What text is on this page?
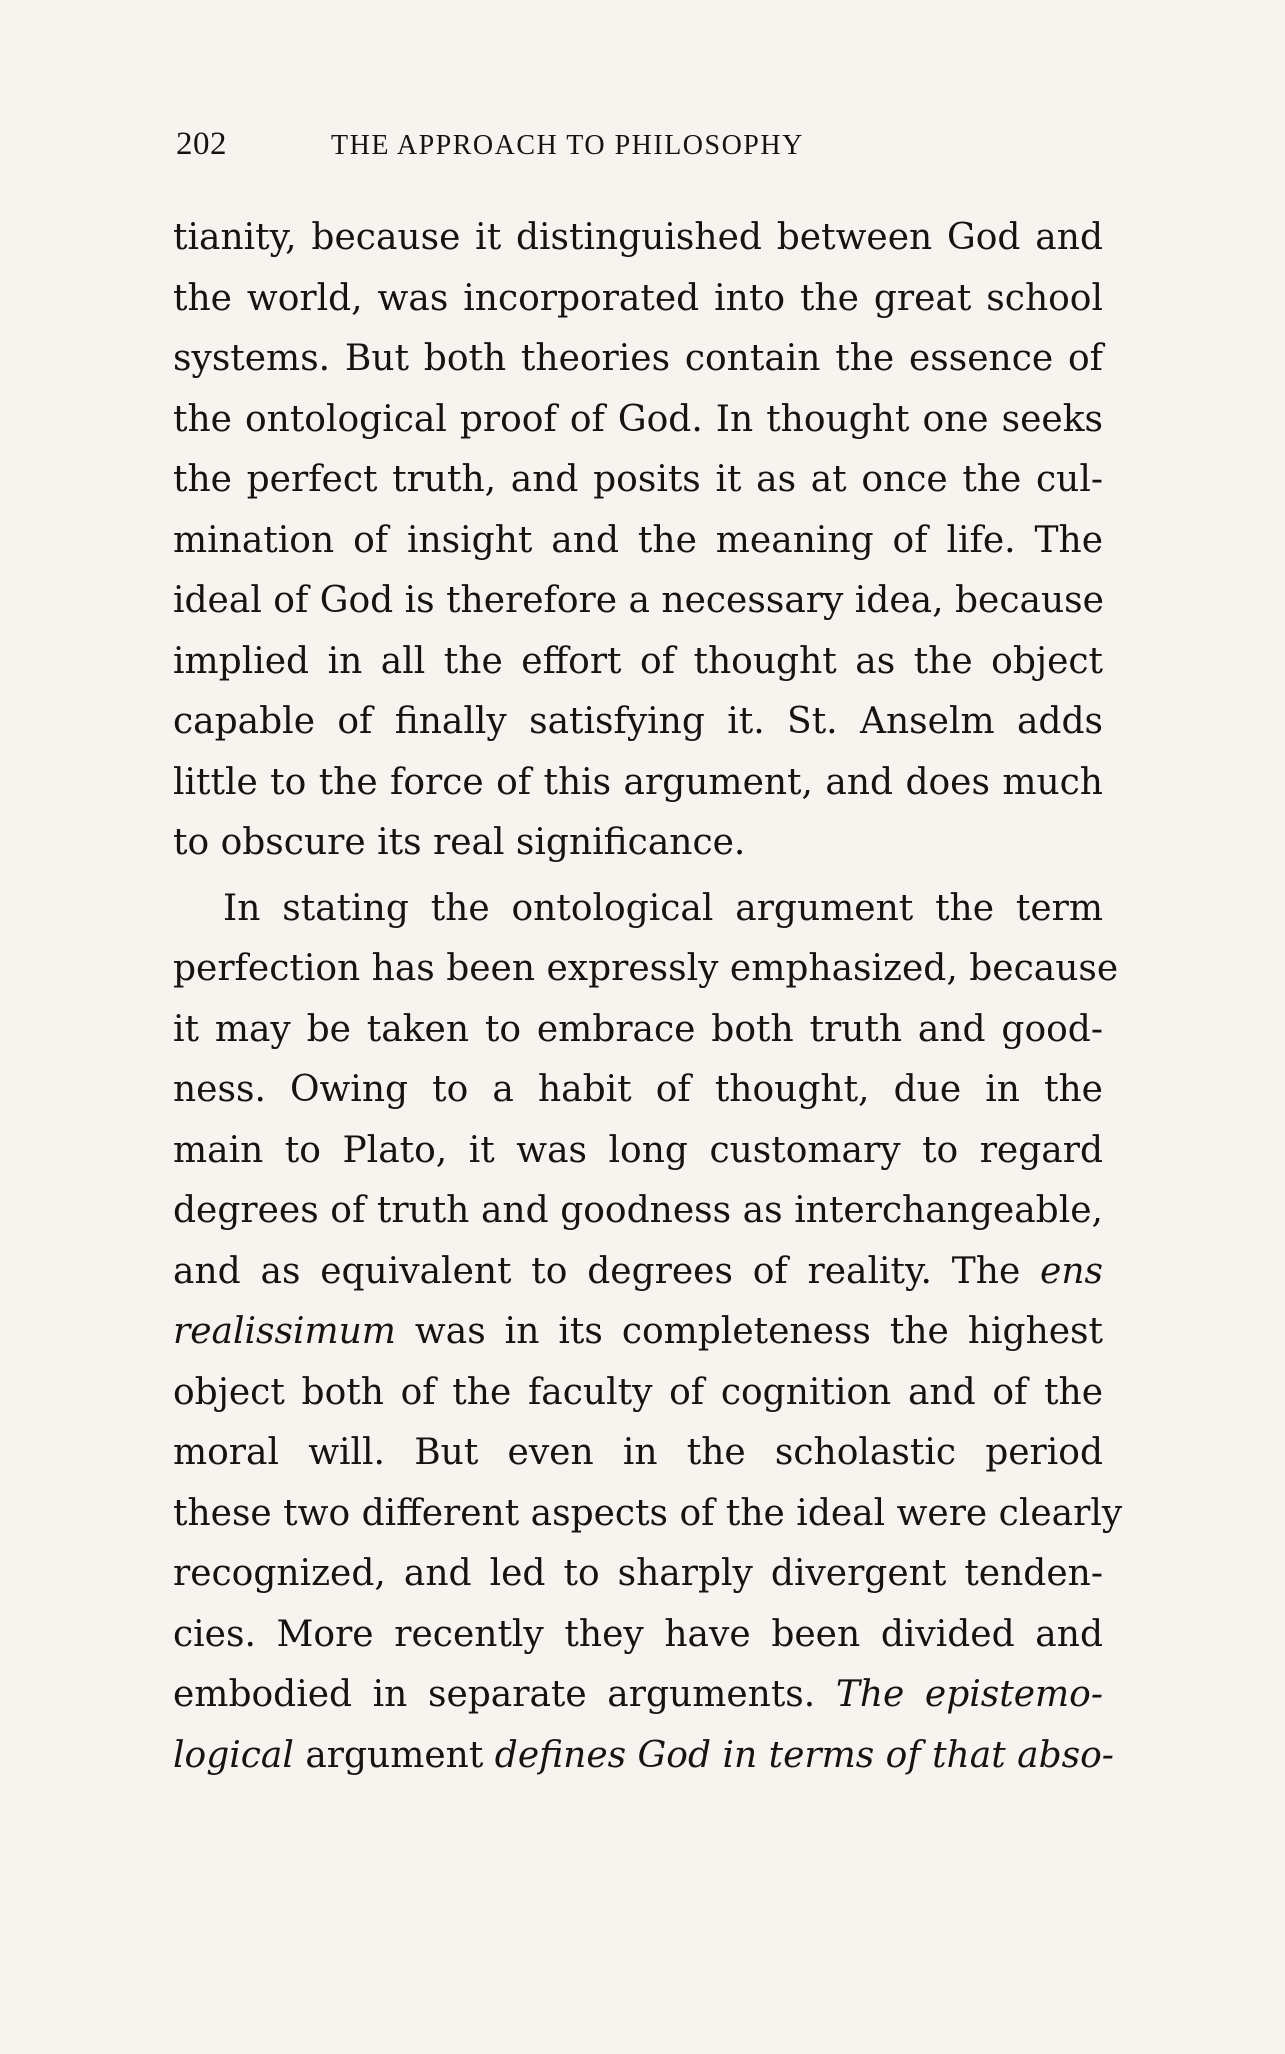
202	THE APPROACH TO PHILOSOPHY
tianity, because it distinguished between God and
the world, was incorporated into the great school
systems. But both theories contain the essence of
the ontological proof of God. In thought one seeks
the perfect truth, and posits it as at once the cul-
mination of insight and the meaning of life. The
ideal of God is therefore a necessary idea, because
implied in all the effort of thought as the object
capable of finally satisfying it. St. Anselm adds
little to the force of this argument, and does much
to obscure its real significance.
In stating the ontological argument the term
perfection has been expressly emphasized, because
it may be taken to embrace both truth and good-
ness. Owing to a habit of thought, due in the
main to Plato, it was long customary to regard
degrees of truth and goodness as interchangeable,
and as equivalent to degrees of reality. The ens
realissimum was in its completeness the highest
object both of the faculty of cognition and of the
moral will. But even in the scholastic period
these two different aspects of the ideal were clearly
recognized, and led to sharply divergent tenden-
cies. More recently they have been divided and
embodied in separate arguments. The epistemo-
logical argument defines God in terms of that abso-
